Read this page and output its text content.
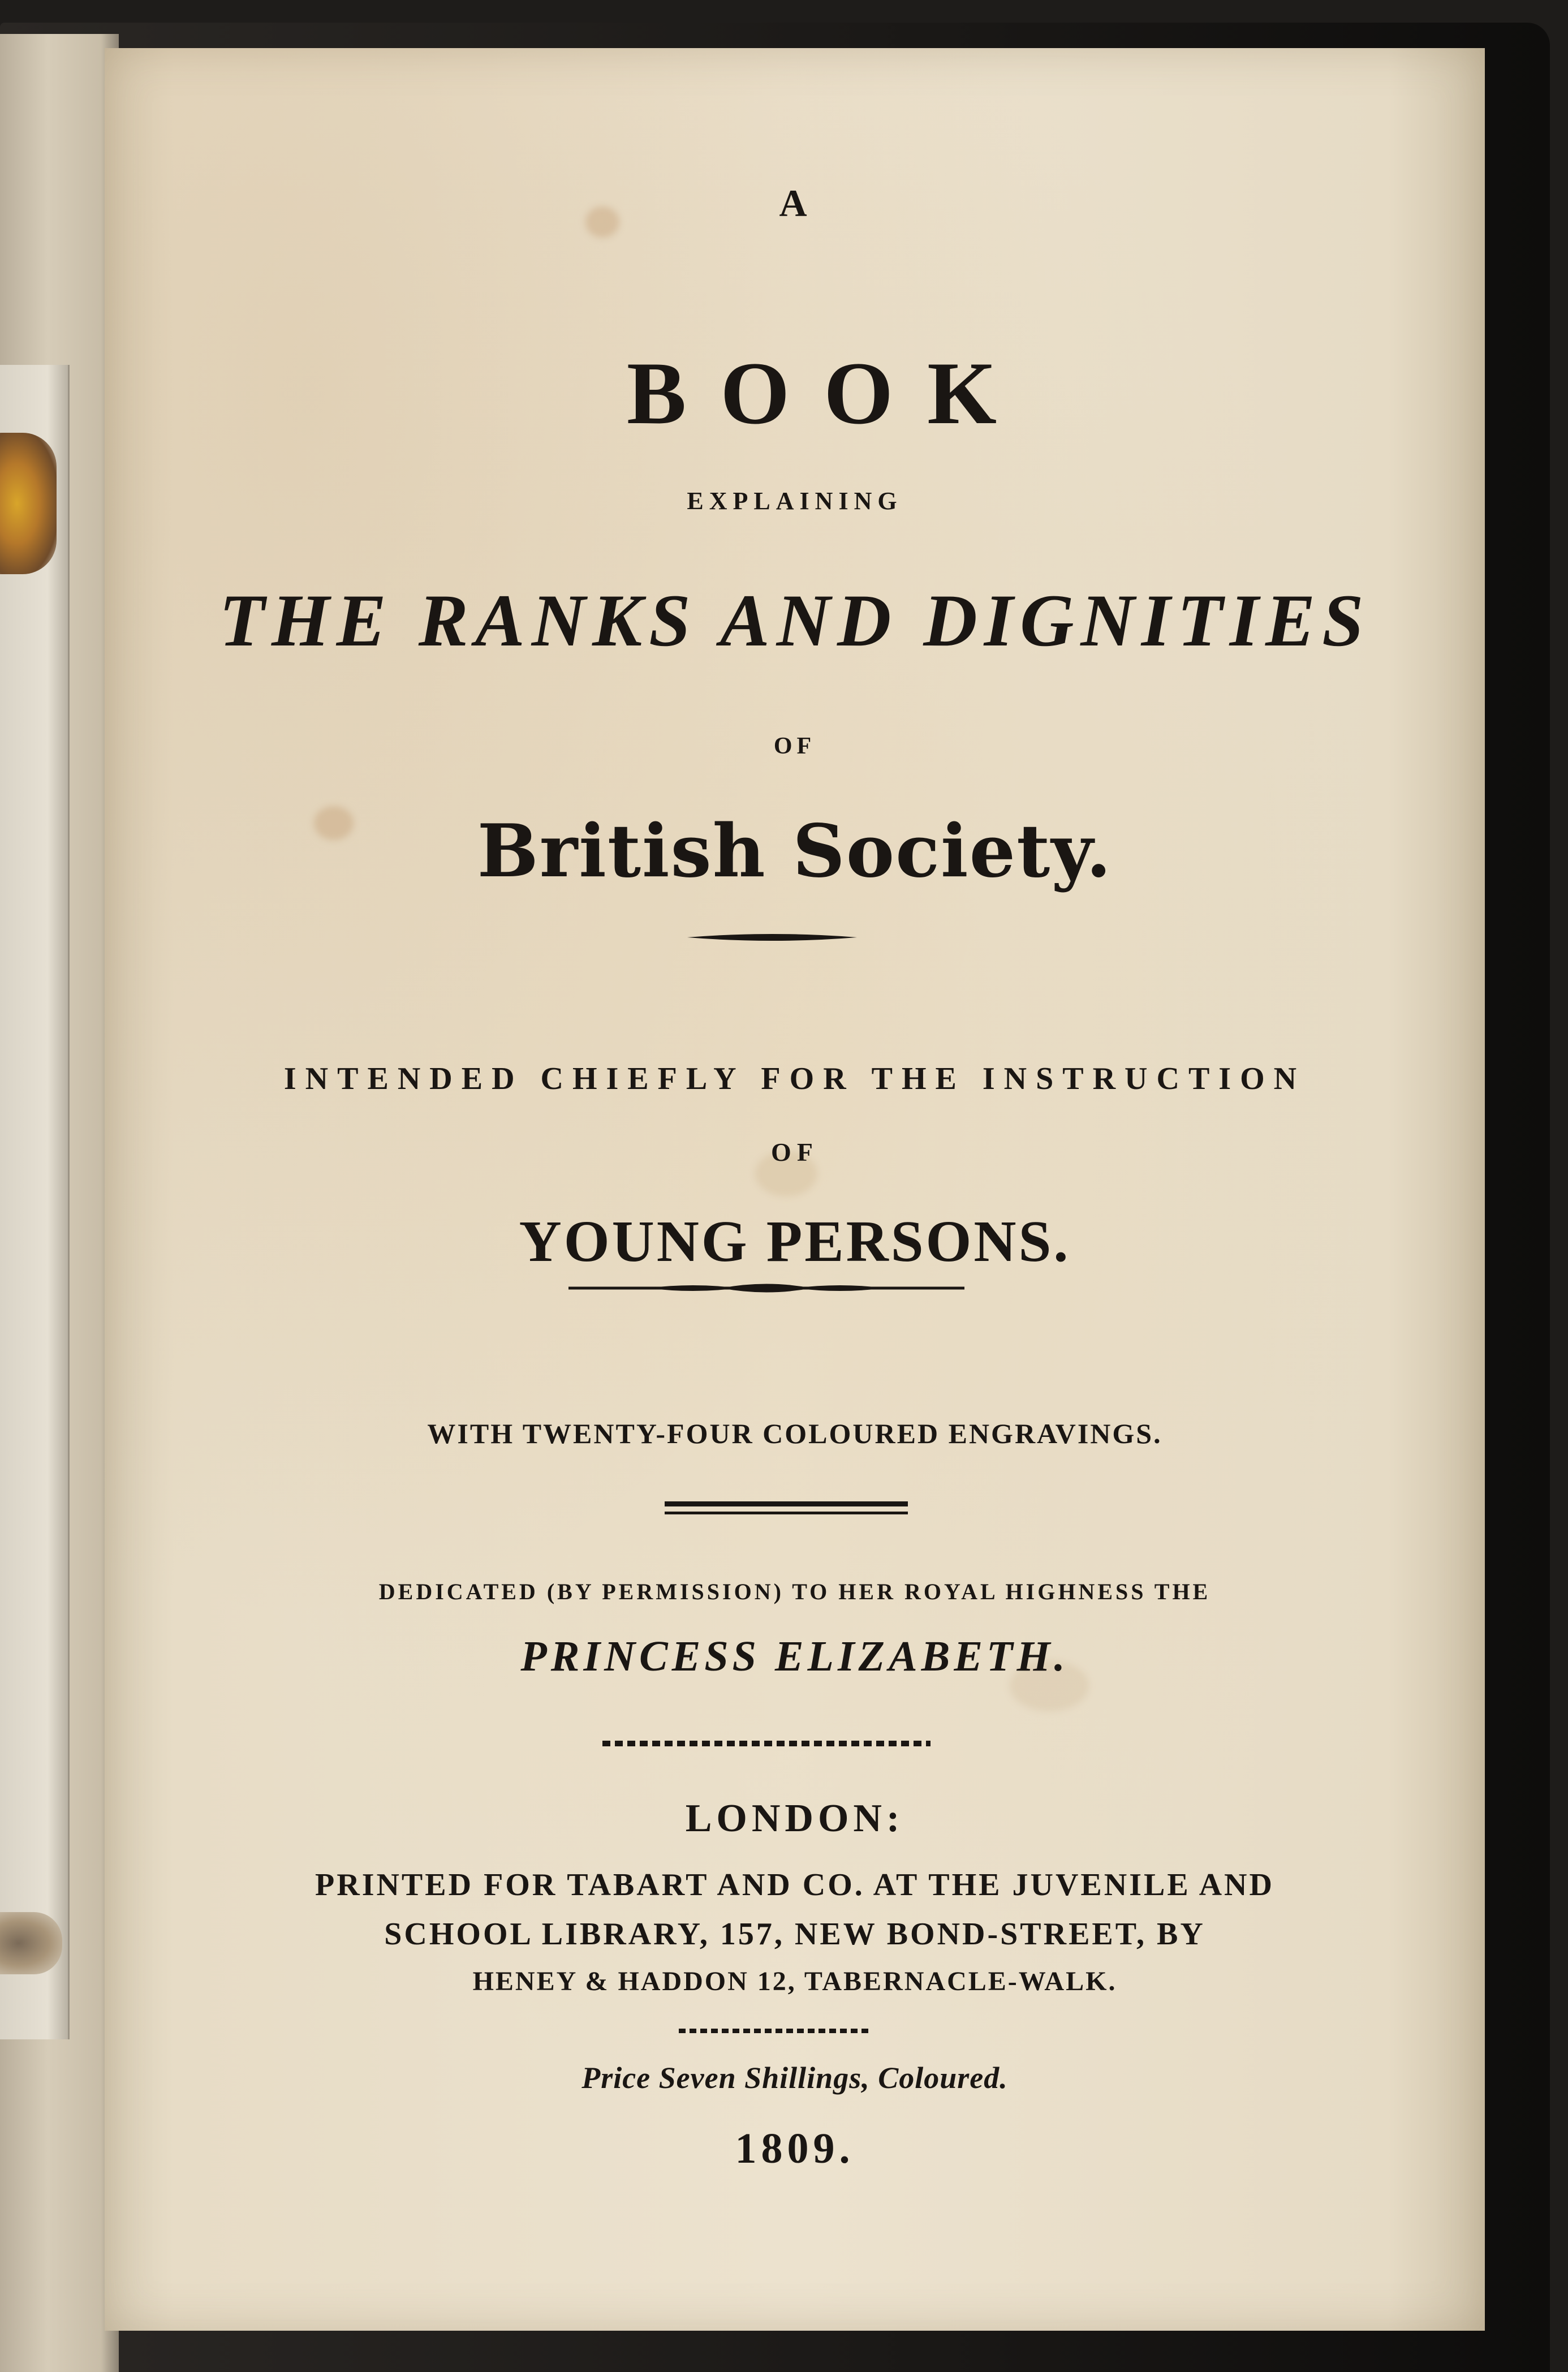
A

BOOK

EXPLAINING

THE RANKS AND DIGNITIES

OF

British Society.

INTENDED CHIEFLY FOR THE INSTRUCTION

OF

YOUNG PERSONS.

WITH TWENTY-FOUR COLOURED ENGRAVINGS.

DEDICATED (BY PERMISSION) TO HER ROYAL HIGHNESS THE

PRINCESS ELIZABETH.

LONDON:

PRINTED FOR TABART AND CO. AT THE JUVENILE AND

SCHOOL LIBRARY, 157, NEW BOND-STREET, BY

HENEY & HADDON 12, TABERNACLE-WALK.

Price Seven Shillings, Coloured.

1809.
